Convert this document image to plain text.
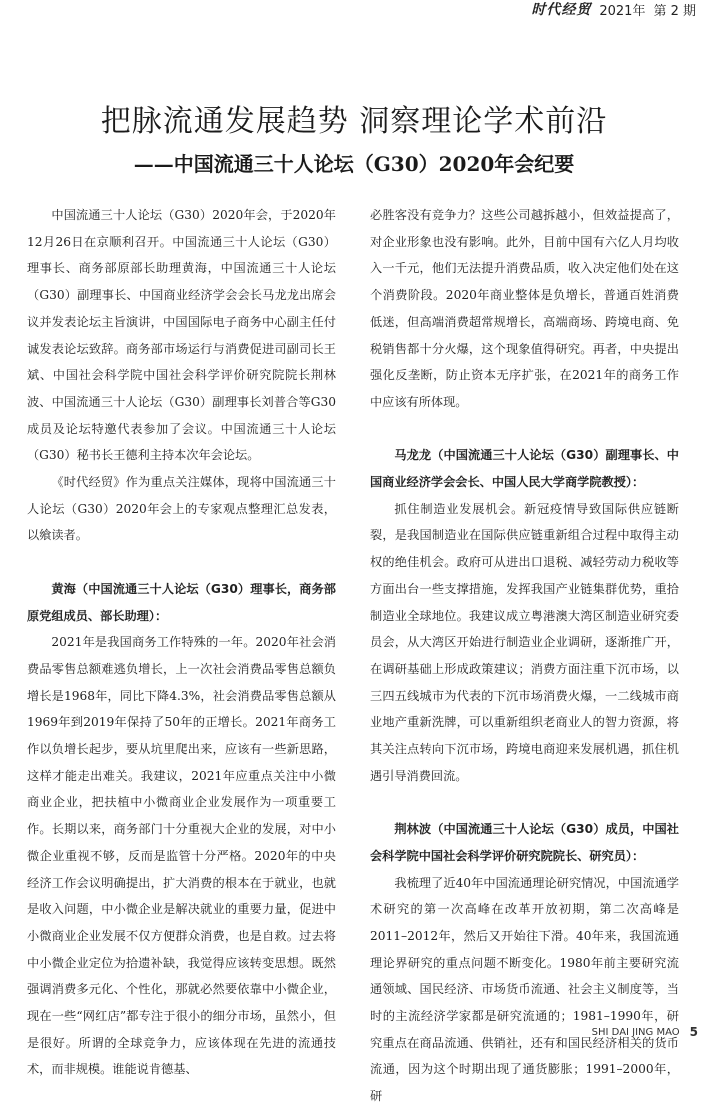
时代经贸 2021年 第 2 期
把脉流通发展趋势 洞察理论学术前沿
——中国流通三十人论坛（G30）2020年会纪要

中国流通三十人论坛（G30）2020年会，于2020年12月26日在京顺利召开。中国流通三十人论坛（G30）理事长、商务部原部长助理黄海，中国流通三十人论坛（G30）副理事长、中国商业经济学会会长马龙龙出席会议并发表论坛主旨演讲，中国国际电子商务中心副主任付诚发表论坛致辞。商务部市场运行与消费促进司副司长王斌、中国社会科学院中国社会科学评价研究院院长荆林波、中国流通三十人论坛（G30）副理事长刘普合等G30成员及论坛特邀代表参加了会议。中国流通三十人论坛（G30）秘书长王德利主持本次年会论坛。

《时代经贸》作为重点关注媒体，现将中国流通三十人论坛（G30）2020年会上的专家观点整理汇总发表，以飨读者。

黄海（中国流通三十人论坛（G30）理事长，商务部原党组成员、部长助理）：

2021年是我国商务工作特殊的一年。2020年社会消费品零售总额难逃负增长，上一次社会消费品零售总额负增长是1968年，同比下降4.3%，社会消费品零售总额从1969年到2019年保持了50年的正增长。2021年商务工作以负增长起步，要从坑里爬出来，应该有一些新思路，这样才能走出难关。我建议，2021年应重点关注中小微商业企业，把扶植中小微商业企业发展作为一项重要工作。长期以来，商务部门十分重视大企业的发展，对中小微企业重视不够，反而是监管十分严格。2020年的中央经济工作会议明确提出，扩大消费的根本在于就业，也就是收入问题，中小微企业是解决就业的重要力量，促进中小微商业企业发展不仅方便群众消费，也是自救。过去将中小微企业定位为拾遗补缺，我觉得应该转变思想。既然强调消费多元化、个性化，那就必然要依靠中小微企业，现在一些“网红店”都专注于很小的细分市场，虽然小，但是很好。所谓的全球竞争力，应该体现在先进的流通技术，而非规模。谁能说肯德基、

必胜客没有竞争力？这些公司越拆越小，但效益提高了，对企业形象也没有影响。此外，目前中国有六亿人月均收入一千元，他们无法提升消费品质，收入决定他们处在这个消费阶段。2020年商业整体是负增长，普通百姓消费低迷，但高端消费超常规增长，高端商场、跨境电商、免税销售都十分火爆，这个现象值得研究。再者，中央提出强化反垄断，防止资本无序扩张，在2021年的商务工作中应该有所体现。

马龙龙（中国流通三十人论坛（G30）副理事长、中国商业经济学会会长、中国人民大学商学院教授）：

抓住制造业发展机会。新冠疫情导致国际供应链断裂，是我国制造业在国际供应链重新组合过程中取得主动权的绝佳机会。政府可从进出口退税、减轻劳动力税收等方面出台一些支撑措施，发挥我国产业链集群优势，重拾制造业全球地位。我建议成立粤港澳大湾区制造业研究委员会，从大湾区开始进行制造业企业调研，逐渐推广开，在调研基础上形成政策建议；消费方面注重下沉市场，以三四五线城市为代表的下沉市场消费火爆，一二线城市商业地产重新洗牌，可以重新组织老商业人的智力资源，将其关注点转向下沉市场，跨境电商迎来发展机遇，抓住机遇引导消费回流。

荆林波（中国流通三十人论坛（G30）成员，中国社会科学院中国社会科学评价研究院院长、研究员）：

我梳理了近40年中国流通理论研究情况，中国流通学术研究的第一次高峰在改革开放初期，第二次高峰是2011–2012年，然后又开始往下滑。40年来，我国流通理论界研究的重点问题不断变化。1980年前主要研究流通领域、国民经济、市场货币流通、社会主义制度等，当时的主流经济学家都是研究流通的；1981–1990年，研究重点在商品流通、供销社，还有和国民经济相关的货币流通，因为这个时期出现了通货膨胀；1991–2000年，研

SHI DAI JING MAO 5
